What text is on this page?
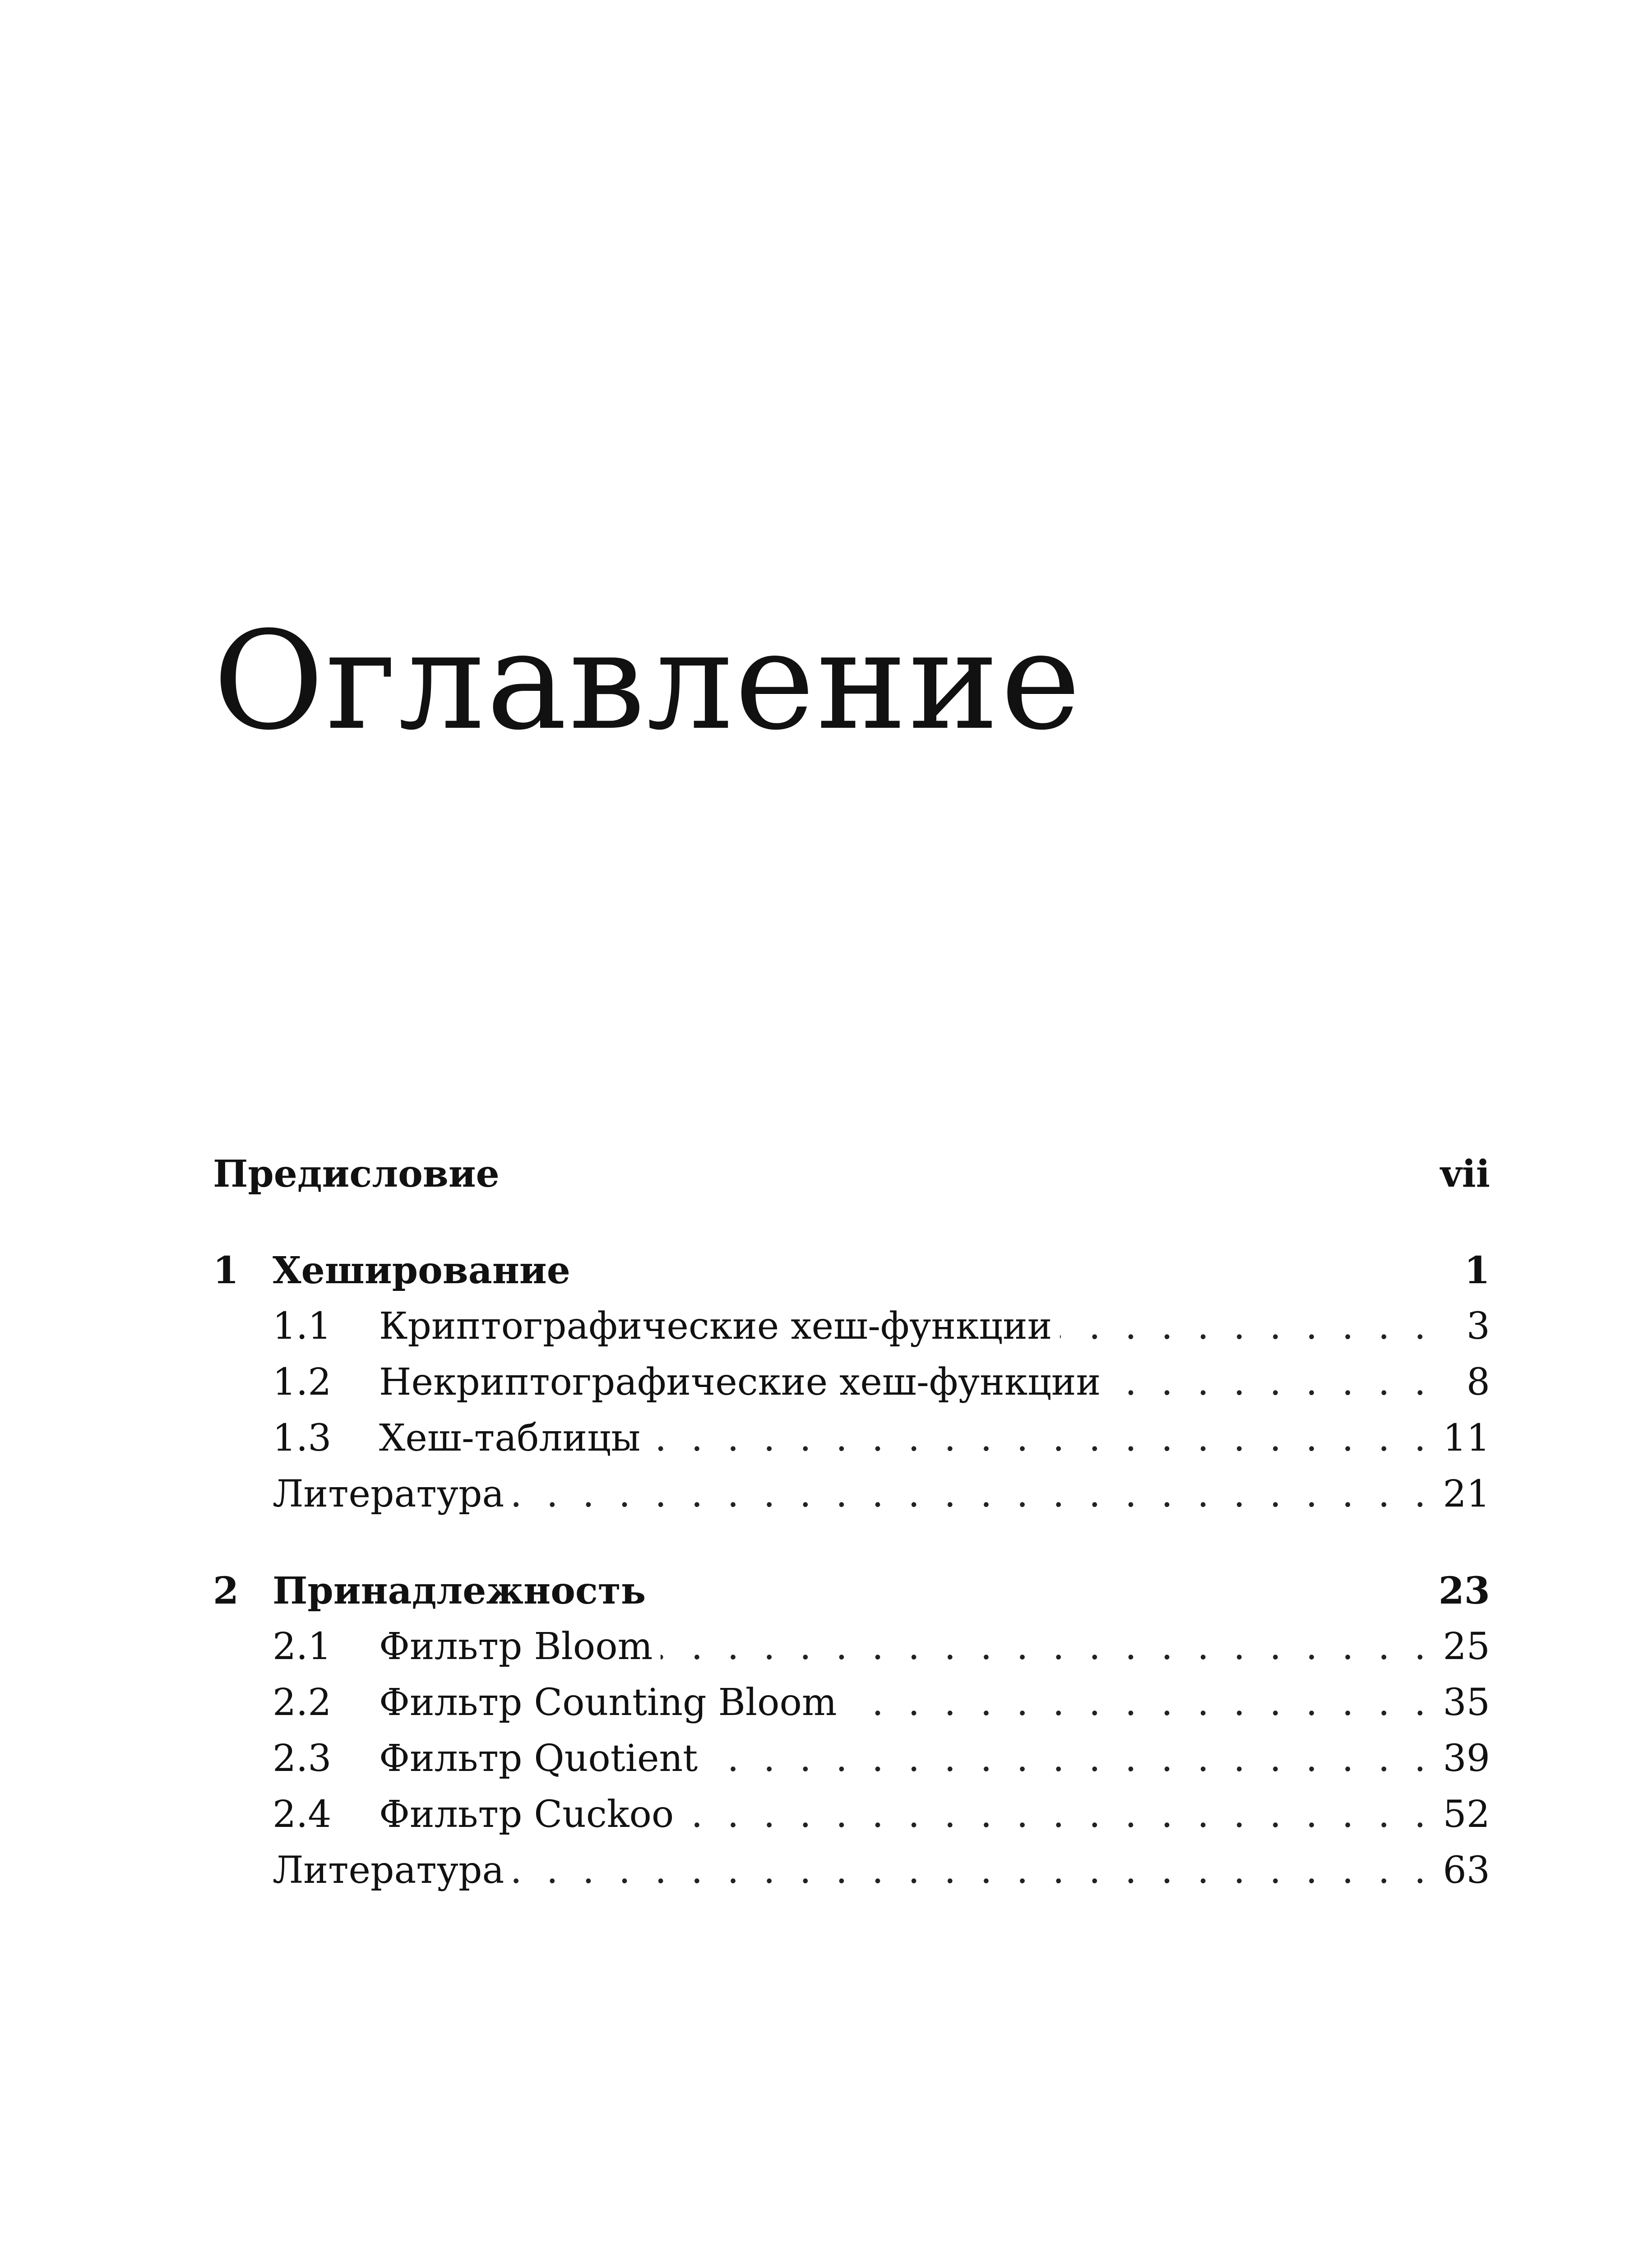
Оглавление
Предисловие	vii
1 Хеширование	1
1.1	Криптографические хеш-функции . . .	3
1.2	Некриптографические хеш-функции . . .	8
1.3	Хеш-таблицы . . .	11
Литература . . .	21
2 Принадлежность	23
2.1	Фильтр Bloom . . .	25
2.2	Фильтр Counting Bloom . . .	35
2.3	Фильтр Quotient . . .	39
2.4	Фильтр Cuckoo . . .	52
Литература . . .	63
